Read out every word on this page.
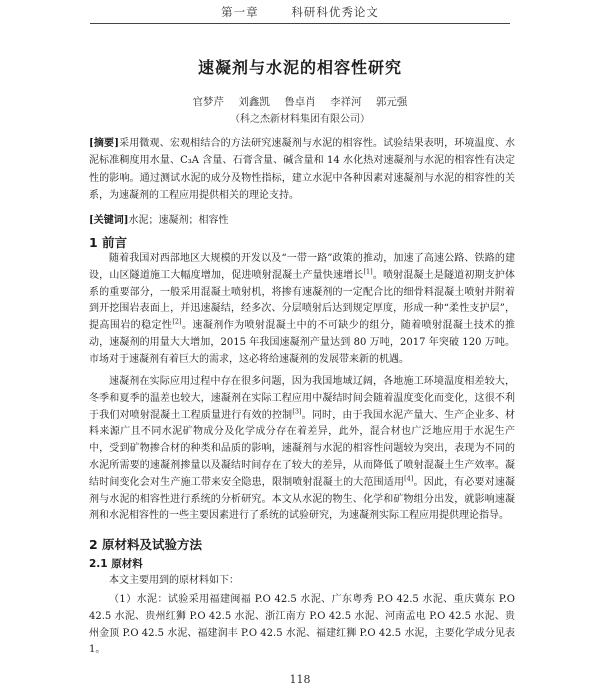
第一章	科研科优秀论文
速凝剂与水泥的相容性研究
官梦芹 刘鑫凯 鲁卓肖 李祥河 郭元强
（科之杰新材料集团有限公司）

[摘要]采用微观、宏观相结合的方法研究速凝剂与水泥的相容性。试验结果表明，环境温度、水泥标准稠度用水量、C₃A 含量、石膏含量、碱含量和 14 水化热对速凝剂与水泥的相容性有决定性的影响。通过测试水泥的成分及物性指标，建立水泥中各种因素对速凝剂与水泥的相容性的关系，为速凝剂的工程应用提供相关的理论支持。

[关键词]水泥；速凝剂；相容性

1 前言

随着我国对西部地区大规模的开发以及“一带一路”政策的推动，加速了高速公路、铁路的建设，山区隧道施工大幅度增加，促进喷射混凝土产量快速增长[1]。喷射混凝土是隧道初期支护体系的重要部分，一般采用混凝土喷射机，将掺有速凝剂的一定配合比的细骨料混凝土喷射并附着到开挖围岩表面上，并迅速凝结，经多次、分层喷射后达到规定厚度，形成一种“柔性支护层”，提高围岩的稳定性[2]。速凝剂作为喷射混凝土中的不可缺少的组分，随着喷射混凝土技术的推动，速凝剂的用量大大增加，2015 年我国速凝剂产量达到 80 万吨，2017 年突破 120 万吨。市场对于速凝剂有着巨大的需求，这必将给速凝剂的发展带来新的机遇。

速凝剂在实际应用过程中存在很多问题，因为我国地域辽阔，各地施工环境温度相差较大，冬季和夏季的温差也较大，速凝剂在实际工程应用中凝结时间会随着温度变化而变化，这很不利于我们对喷射混凝土工程质量进行有效的控制[3]。同时，由于我国水泥产量大、生产企业多、材料来源广且不同水泥矿物成分及化学成分存在着差异，此外，混合材也广泛地应用于水泥生产中，受到矿物掺合材的种类和品质的影响，速凝剂与水泥的相容性问题较为突出，表现为不同的水泥所需要的速凝剂掺量以及凝结时间存在了较大的差异，从而降低了喷射混凝土生产效率。凝结时间变化会对生产施工带来安全隐患，限制喷射混凝土的大范围适用[4]。因此，有必要对速凝剂与水泥的相容性进行系统的分析研究。本文从水泥的物生、化学和矿物组分出发，就影响速凝剂和水泥相容性的一些主要因素进行了系统的试验研究，为速凝剂实际工程应用提供理论指导。

2 原材料及试验方法
2.1 原材料

本文主要用到的原材料如下：

（1）水泥：试验采用福建闽福 P.O 42.5 水泥、广东粤秀 P.O 42.5 水泥、重庆冀东 P.O 42.5 水泥、贵州红狮 P.O 42.5 水泥、浙江南方 P.O 42.5 水泥、河南孟电 P.O 42.5 水泥、贵州金顶 P.O 42.5 水泥、福建润丰 P.O 42.5 水泥、福建红狮 P.O 42.5 水泥，主要化学成分见表 1。

118
